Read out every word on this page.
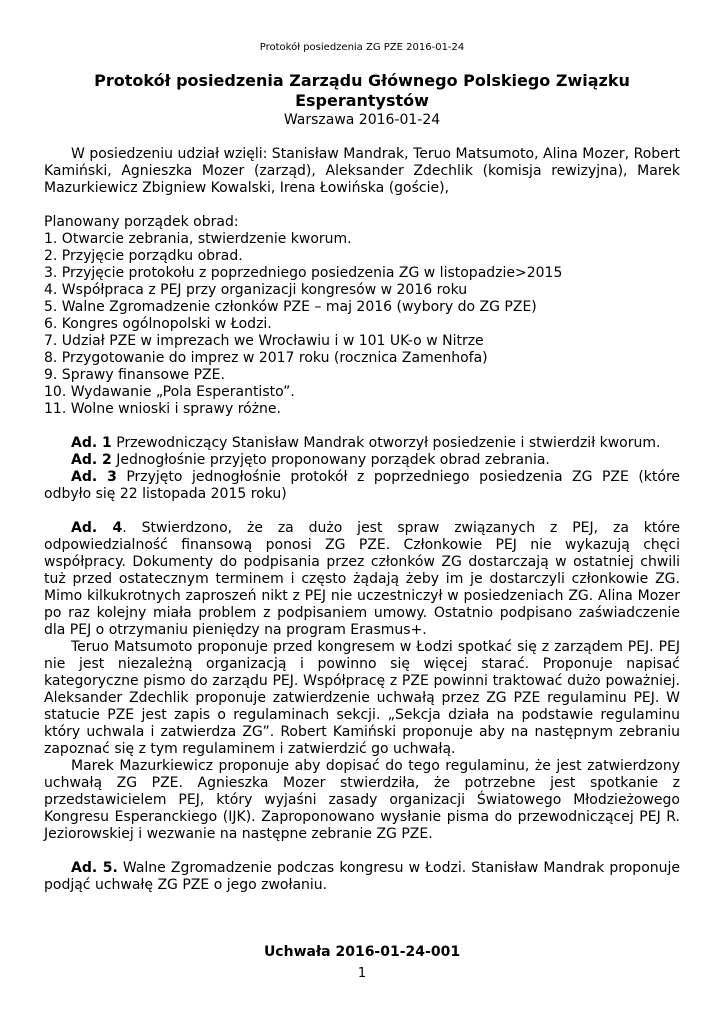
Protokół posiedzenia ZG PZE 2016-01-24
Protokół posiedzenia Zarządu Głównego Polskiego Związku Esperantystów
Warszawa 2016-01-24

W posiedzeniu udział wzięli: Stanisław Mandrak, Teruo Matsumoto, Alina Mozer, Robert Kamiński, Agnieszka Mozer (zarząd), Aleksander Zdechlik (komisja rewizyjna), Marek Mazurkiewicz Zbigniew Kowalski, Irena Łowińska (goście),

Planowany porządek obrad:
1. Otwarcie zebrania, stwierdzenie kworum.
2. Przyjęcie porządku obrad.
3. Przyjęcie protokołu z poprzedniego posiedzenia ZG w listopadzie>2015
4. Współpraca z PEJ przy organizacji kongresów w 2016 roku
5. Walne Zgromadzenie członków PZE – maj 2016 (wybory do ZG PZE)
6. Kongres ogólnopolski w Łodzi.
7. Udział PZE w imprezach we Wrocławiu i w 101 UK-o w Nitrze
8. Przygotowanie do imprez w 2017 roku (rocznica Zamenhofa)
9. Sprawy finansowe PZE.
10. Wydawanie „Pola Esperantisto”.
11. Wolne wnioski i sprawy różne.

Ad. 1 Przewodniczący Stanisław Mandrak otworzył posiedzenie i stwierdził kworum.

Ad. 2 Jednogłośnie przyjęto proponowany porządek obrad zebrania.

Ad. 3 Przyjęto jednogłośnie protokół z poprzedniego posiedzenia ZG PZE (które odbyło się 22 listopada 2015 roku)

Ad. 4. Stwierdzono, że za dużo jest spraw związanych z PEJ, za które odpowiedzialność finansową ponosi ZG PZE. Członkowie PEJ nie wykazują chęci współpracy. Dokumenty do podpisania przez członków ZG dostarczają w ostatniej chwili tuż przed ostatecznym terminem i często żądają żeby im je dostarczyli członkowie ZG. Mimo kilkukrotnych zaproszeń nikt z PEJ nie uczestniczył w posiedzeniach ZG. Alina Mozer po raz kolejny miała problem z podpisaniem umowy. Ostatnio podpisano zaświadczenie dla PEJ o otrzymaniu pieniędzy na program Erasmus+.

Teruo Matsumoto proponuje przed kongresem w Łodzi spotkać się z zarządem PEJ. PEJ nie jest niezależną organizacją i powinno się więcej starać. Proponuje napisać kategoryczne pismo do zarządu PEJ. Współpracę z PZE powinni traktować dużo poważniej. Aleksander Zdechlik proponuje zatwierdzenie uchwałą przez ZG PZE regulaminu PEJ. W statucie PZE jest zapis o regulaminach sekcji. „Sekcja działa na podstawie regulaminu który uchwala i zatwierdza ZG”. Robert Kamiński proponuje aby na następnym zebraniu zapoznać się z tym regulaminem i zatwierdzić go uchwałą.

Marek Mazurkiewicz proponuje aby dopisać do tego regulaminu, że jest zatwierdzony uchwałą ZG PZE. Agnieszka Mozer stwierdziła, że potrzebne jest spotkanie z przedstawicielem PEJ, który wyjaśni zasady organizacji Światowego Młodzieżowego Kongresu Esperanckiego (IJK). Zaproponowano wysłanie pisma do przewodniczącej PEJ R. Jeziorowskiej i wezwanie na następne zebranie ZG PZE.

Ad. 5. Walne Zgromadzenie podczas kongresu w Łodzi. Stanisław Mandrak proponuje podjąć uchwałę ZG PZE o jego zwołaniu.

Uchwała 2016-01-24-001
1
